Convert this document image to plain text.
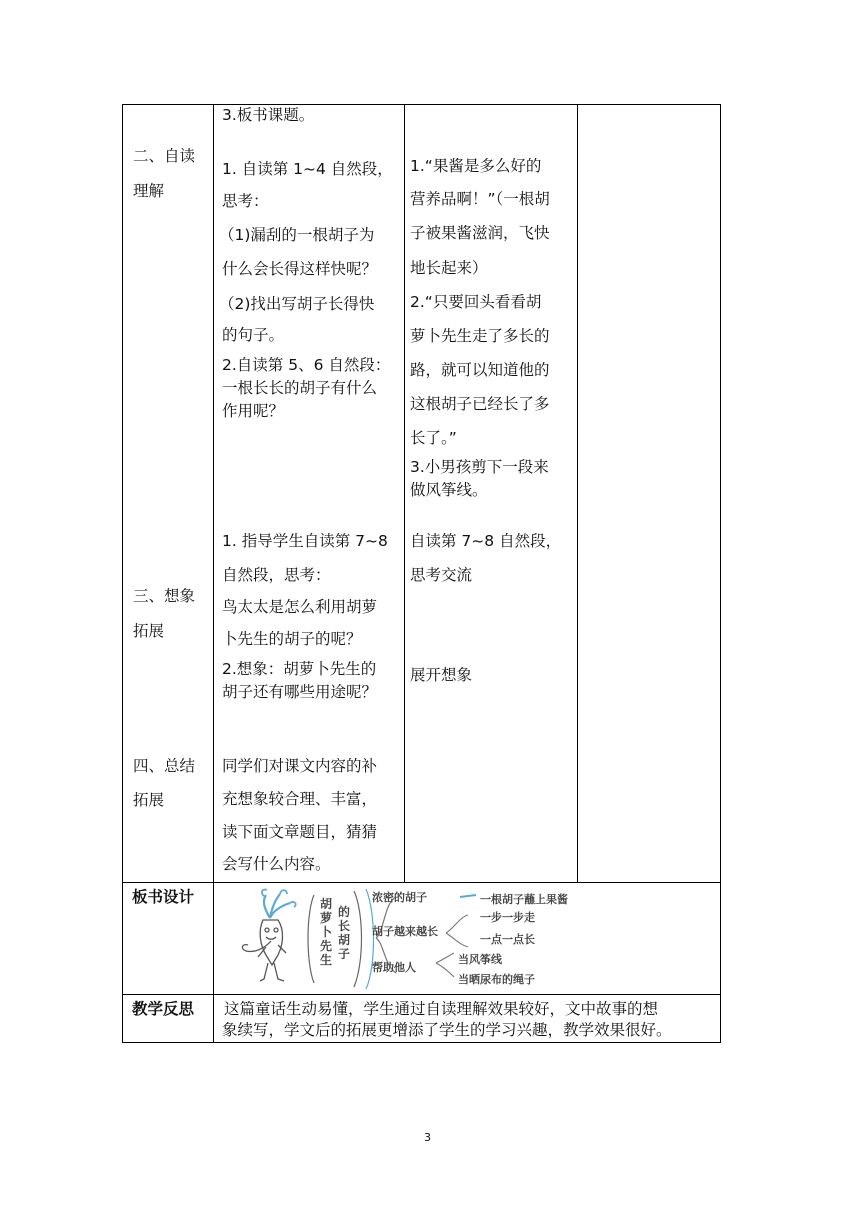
3.板书课题。
二、自读
理解
1. 自读第 1~4 自然段，
思考：
（1)漏刮的一根胡子为
什么会长得这样快呢？
（2)找出写胡子长得快
的句子。
2.自读第 5、6 自然段：
一根长长的胡子有什么
作用呢？
1.“果酱是多么好的
营养品啊！”（一根胡
子被果酱滋润，飞快
地长起来）
2.“只要回头看看胡
萝卜先生走了多长的
路，就可以知道他的
这根胡子已经长了多
长了。”
3.小男孩剪下一段来
做风筝线。
三、想象
拓展
1. 指导学生自读第 7~8
自然段，思考：
鸟太太是怎么利用胡萝
卜先生的胡子的呢？
2.想象：胡萝卜先生的
胡子还有哪些用途呢？
自读第 7~8 自然段，
思考交流
展开想象
四、总结
拓展
同学们对课文内容的补
充想象较合理、丰富，
读下面文章题目，猜猜
会写什么内容。
板书设计	胡萝卜先生
的长胡子
浓密的胡子
胡子越来越长
帮助他人
一根胡子蘸上果酱
一步一步走
一点一点长
当风筝线
当晒尿布的绳子
教学反思 这篇童话生动易懂，学生通过自读理解效果较好，文中故事的想
象续写，学文后的拓展更增添了学生的学习兴趣，教学效果很好。
3
